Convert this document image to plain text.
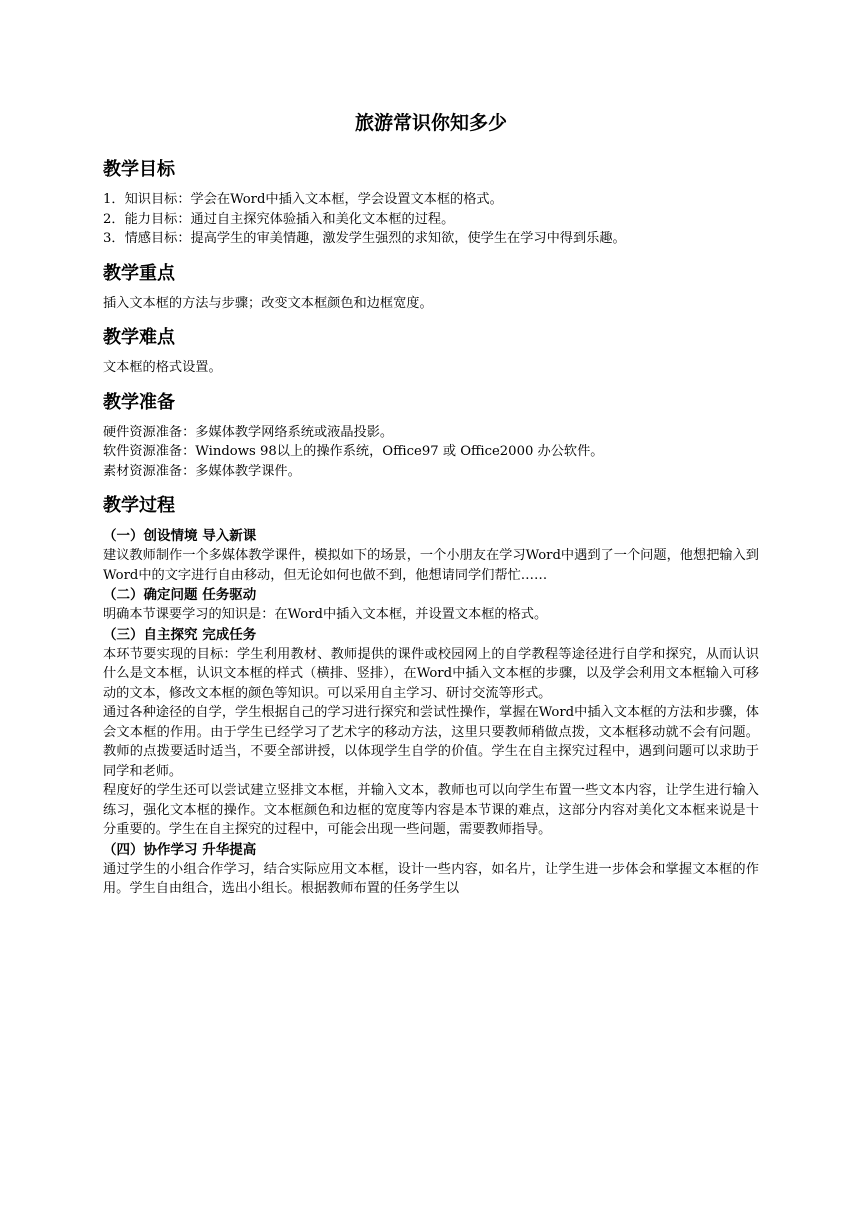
旅游常识你知多少
教学目标

1．知识目标：学会在Word中插入文本框，学会设置文本框的格式。

2．能力目标：通过自主探究体验插入和美化文本框的过程。

3．情感目标：提高学生的审美情趣，激发学生强烈的求知欲，使学生在学习中得到乐趣。

教学重点

插入文本框的方法与步骤；改变文本框颜色和边框宽度。

教学难点

文本框的格式设置。

教学准备

硬件资源准备：多媒体教学网络系统或液晶投影。

软件资源准备：Windows 98以上的操作系统，Office97 或 Office2000 办公软件。

素材资源准备：多媒体教学课件。

教学过程

（一）创设情境 导入新课

建议教师制作一个多媒体教学课件，模拟如下的场景，一个小朋友在学习Word中遇到了一个问题，他想把输入到Word中的文字进行自由移动，但无论如何也做不到，他想请同学们帮忙……

（二）确定问题 任务驱动

明确本节课要学习的知识是：在Word中插入文本框，并设置文本框的格式。

（三）自主探究 完成任务

本环节要实现的目标：学生利用教材、教师提供的课件或校园网上的自学教程等途径进行自学和探究，从而认识什么是文本框，认识文本框的样式（横排、竖排），在Word中插入文本框的步骤，以及学会利用文本框输入可移动的文本，修改文本框的颜色等知识。可以采用自主学习、研讨交流等形式。

通过各种途径的自学，学生根据自己的学习进行探究和尝试性操作，掌握在Word中插入文本框的方法和步骤，体会文本框的作用。由于学生已经学习了艺术字的移动方法，这里只要教师稍做点拨，文本框移动就不会有问题。教师的点拨要适时适当，不要全部讲授，以体现学生自学的价值。学生在自主探究过程中，遇到问题可以求助于同学和老师。

程度好的学生还可以尝试建立竖排文本框，并输入文本，教师也可以向学生布置一些文本内容，让学生进行输入练习，强化文本框的操作。文本框颜色和边框的宽度等内容是本节课的难点，这部分内容对美化文本框来说是十分重要的。学生在自主探究的过程中，可能会出现一些问题，需要教师指导。

（四）协作学习 升华提高

通过学生的小组合作学习，结合实际应用文本框，设计一些内容，如名片，让学生进一步体会和掌握文本框的作用。学生自由组合，选出小组长。根据教师布置的任务学生以
